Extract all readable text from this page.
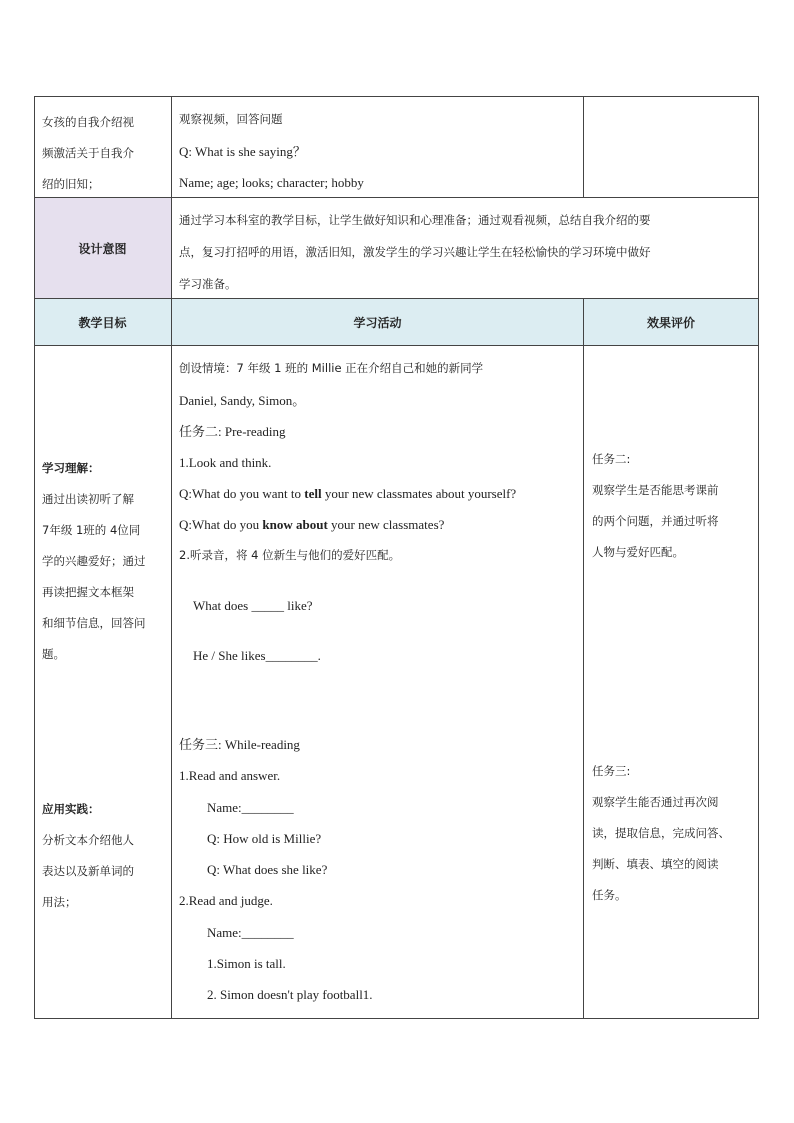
女孩的自我介绍视
频激活关于自我介
绍的旧知；
观察视频，回答问题
Q: What is she saying？
Name; age; looks; character; hobby
设计意图
通过学习本科室的教学目标，让学生做好知识和心理准备；通过观看视频，总结自我介绍的要
点，复习打招呼的用语，激活旧知，激发学生的学习兴趣让学生在轻松愉快的学习环境中做好
学习准备。
教学目标	学习活动	效果评价
学习理解：
通过出读初听了解
7年级 1班的 4位同
学的兴趣爱好；通过
再读把握文本框架
和细节信息，回答问
题。
应用实践：
分析文本介绍他人
表达以及新单词的
用法；
创设情境：7 年级 1 班的 Millie 正在介绍自己和她的新同学
Daniel, Sandy, Simon。
任务二: Pre-reading
1.Look and think.
Q:What do you want to tell your new classmates about yourself?
Q:What do you know about your new classmates?
2.听录音，将 4 位新生与他们的爱好匹配。
What does _____ like?
He / She likes________.
任务三: While-reading
1.Read and answer.
Name:________
Q: How old is Millie?
Q: What does she like?
2.Read and judge.
Name:________
1.Simon is tall.
2. Simon doesn't play football1.
任务二:
观察学生是否能思考课前
的两个问题，并通过听将
人物与爱好匹配。
任务三:
观察学生能否通过再次阅
读，提取信息，完成问答、
判断、填表、填空的阅读
任务。
